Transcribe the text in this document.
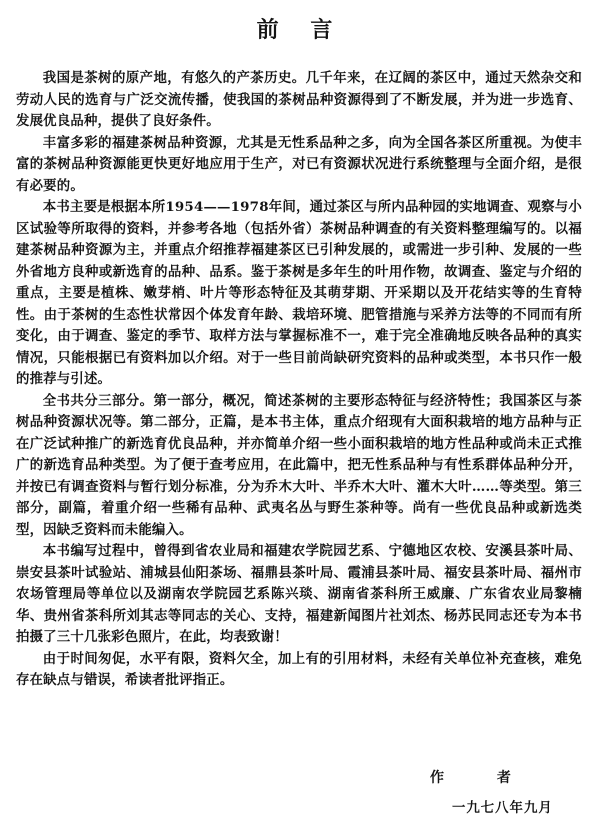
前 言

我国是茶树的原产地，有悠久的产茶历史。几千年来，在辽阔的茶区中，通过天然杂交和劳动人民的选育与广泛交流传播，使我国的茶树品种资源得到了不断发展，并为进一步选育、发展优良品种，提供了良好条件。

丰富多彩的福建茶树品种资源，尤其是无性系品种之多，向为全国各茶区所重视。为使丰富的茶树品种资源能更快更好地应用于生产，对已有资源状况进行系统整理与全面介绍，是很有必要的。

本书主要是根据本所1954——1978年间，通过茶区与所内品种园的实地调查、观察与小区试验等所取得的资料，并参考各地（包括外省）茶树品种调查的有关资料整理编写的。以福建茶树品种资源为主，并重点介绍推荐福建茶区已引种发展的，或需进一步引种、发展的一些外省地方良种或新选育的品种、品系。鉴于茶树是多年生的叶用作物，故调查、鉴定与介绍的重点，主要是植株、嫩芽梢、叶片等形态特征及其萌芽期、开采期以及开花结实等的生育特性。由于茶树的生态性状常因个体发育年龄、栽培环境、肥管措施与采养方法等的不同而有所变化，由于调查、鉴定的季节、取样方法与掌握标准不一，难于完全准确地反映各品种的真实情况，只能根据已有资料加以介绍。对于一些目前尚缺研究资料的品种或类型，本书只作一般的推荐与引述。

全书共分三部分。第一部分，概况，简述茶树的主要形态特征与经济特性；我国茶区与茶树品种资源状况等。第二部分，正篇，是本书主体，重点介绍现有大面积栽培的地方品种与正在广泛试种推广的新选育优良品种，并亦简单介绍一些小面积栽培的地方性品种或尚未正式推广的新选育品种类型。为了便于查考应用，在此篇中，把无性系品种与有性系群体品种分开，并按已有调查资料与暂行划分标准，分为乔木大叶、半乔木大叶、灌木大叶……等类型。第三部分，副篇，着重介绍一些稀有品种、武夷名丛与野生茶种等。尚有一些优良品种或新选类型，因缺乏资料而未能编入。

本书编写过程中，曾得到省农业局和福建农学院园艺系、宁德地区农校、安溪县茶叶局、崇安县茶叶试验站、浦城县仙阳茶场、福鼎县茶叶局、霞浦县茶叶局、福安县茶叶局、福州市农场管理局等单位以及湖南农学院园艺系陈兴琰、湖南省茶科所王威廉、广东省农业局黎楠华、贵州省茶科所刘其志等同志的关心、支持，福建新闻图片社刘杰、杨苏民同志还专为本书拍摄了三十几张彩色照片，在此，均表致谢！

由于时间匆促，水平有限，资料欠全，加上有的引用材料，未经有关单位补充查核，难免存在缺点与错误，希读者批评指正。

作 者
一九七八年九月
